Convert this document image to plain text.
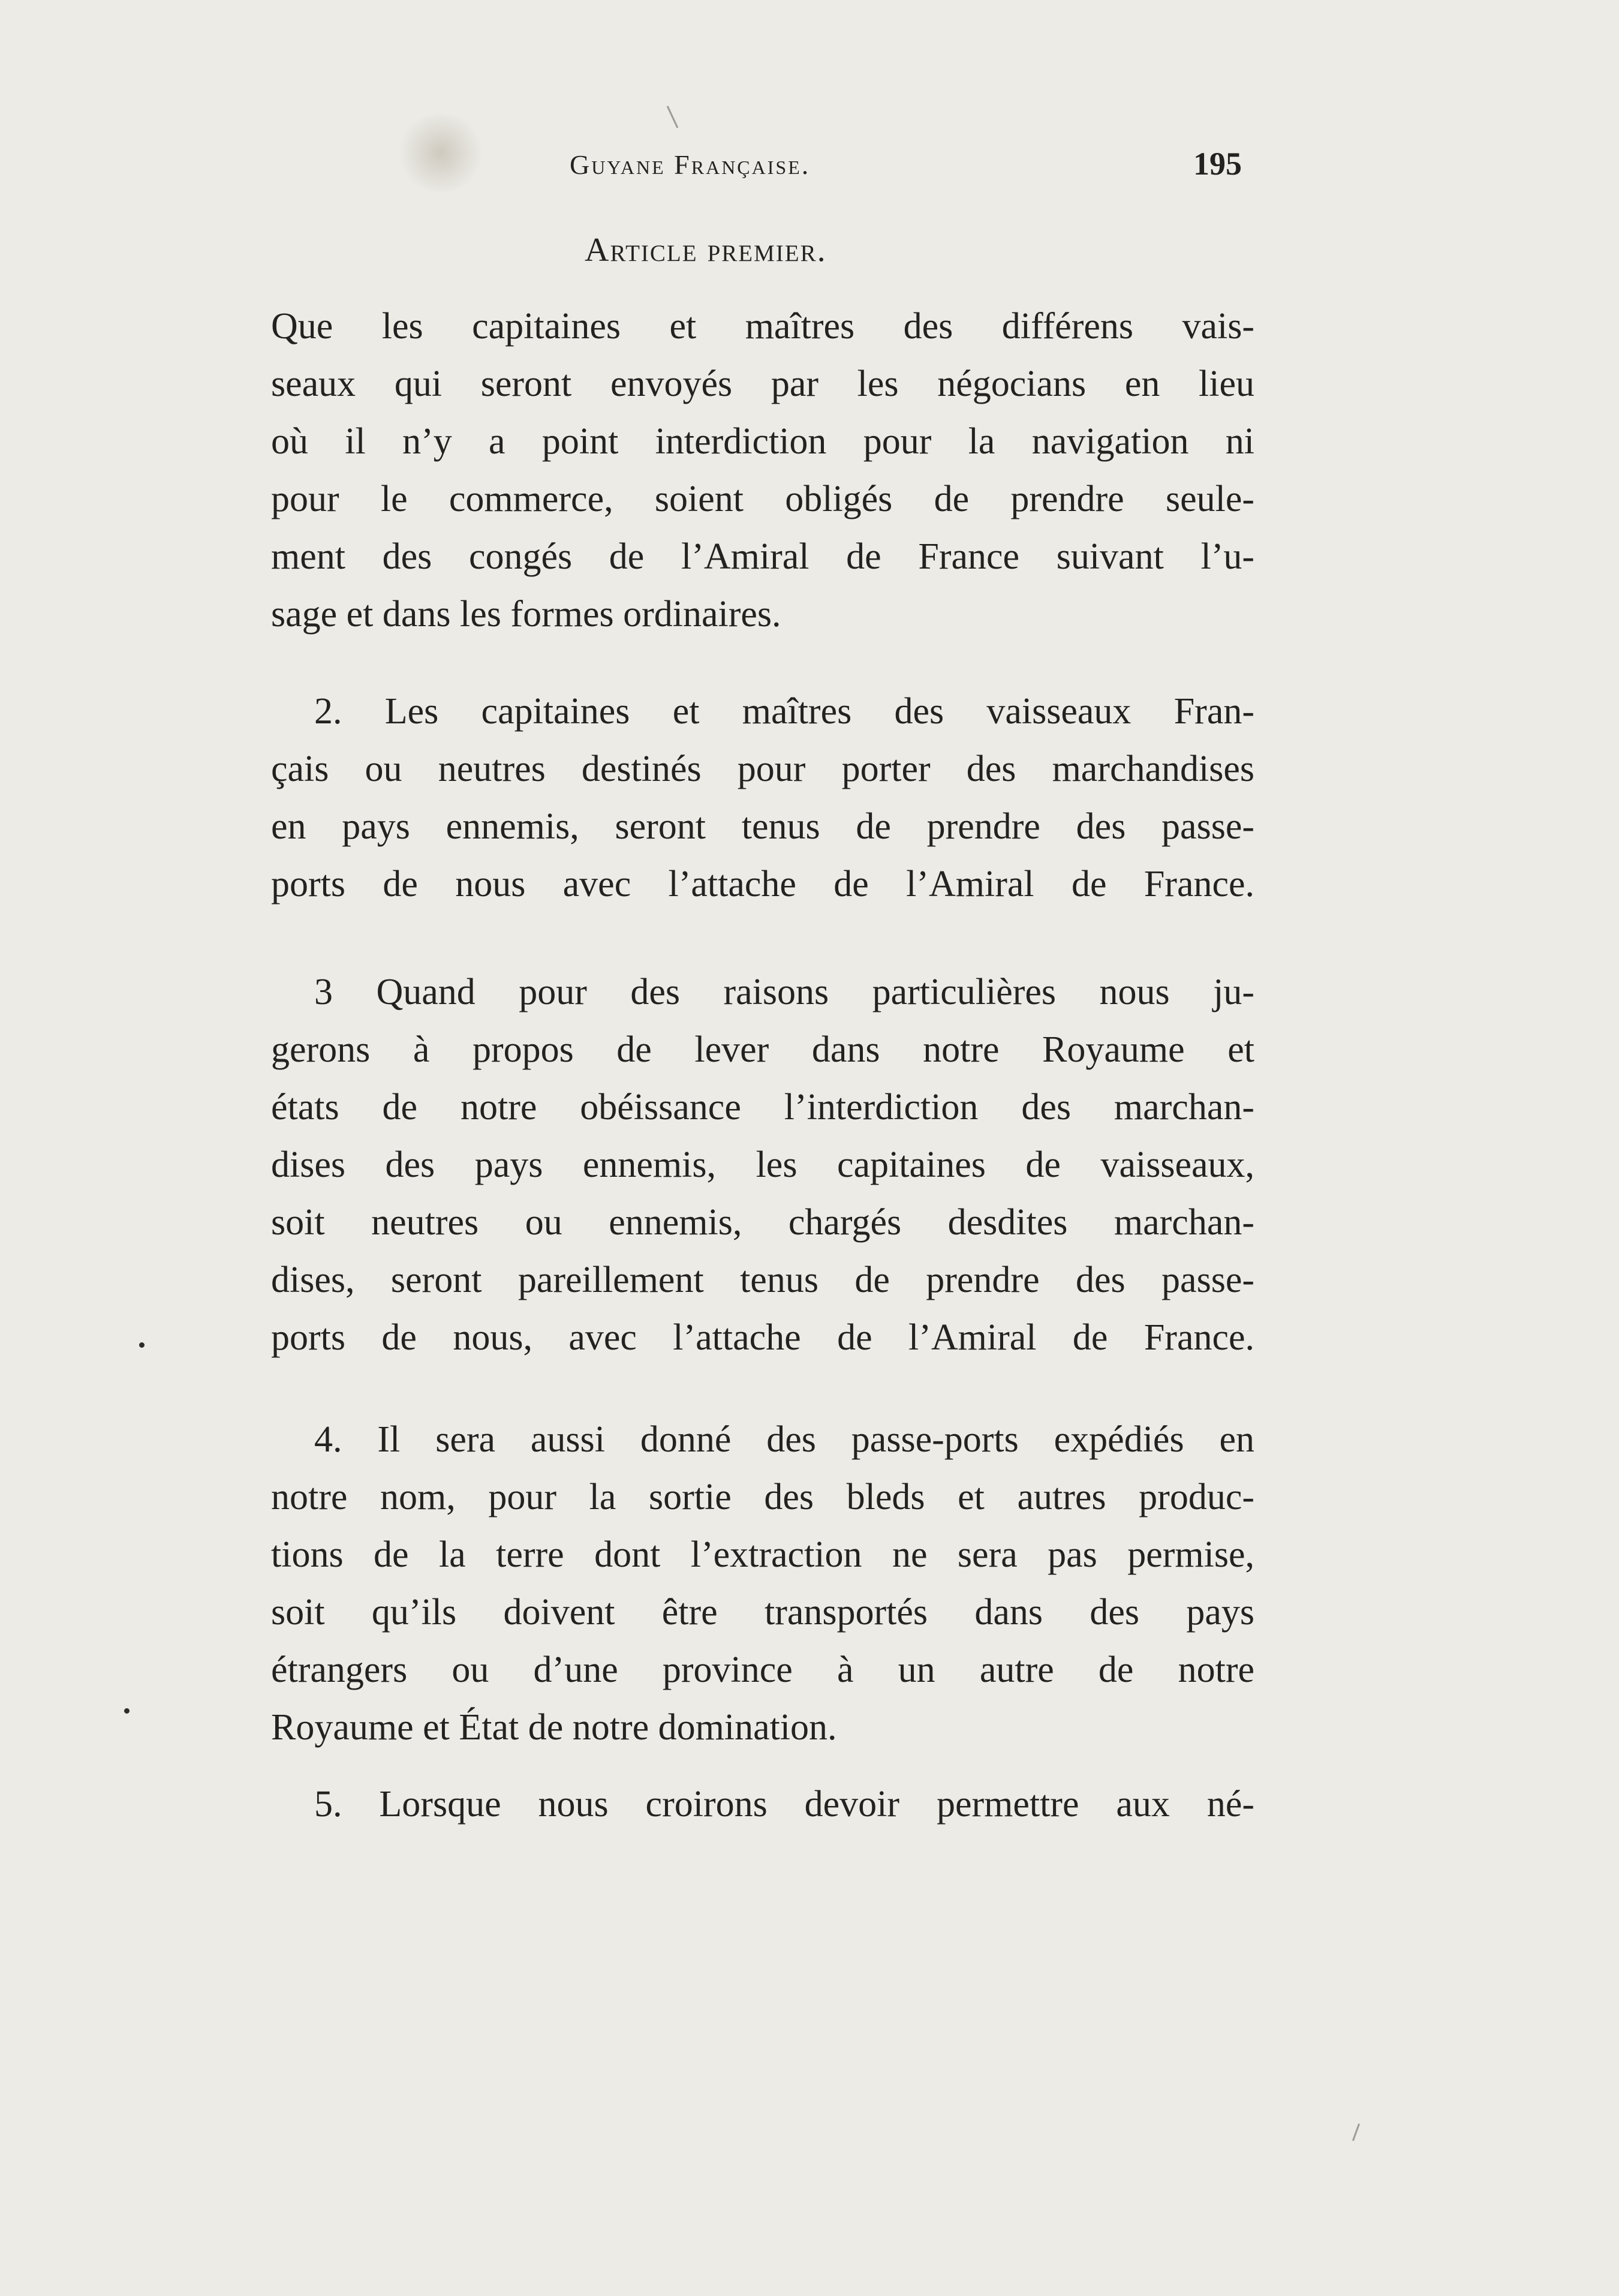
Guyane Française.	195
Article premier.
Que les capitaines et maîtres des différens vais-
seaux qui seront envoyés par les négocians en lieu
où il n’y a point interdiction pour la navigation ni
pour le commerce, soient obligés de prendre seule-
ment des congés de l’Amiral de France suivant l’u-
sage et dans les formes ordinaires.
2. Les capitaines et maîtres des vaisseaux Fran-
çais ou neutres destinés pour porter des marchandises
en pays ennemis, seront tenus de prendre des passe-
ports de nous avec l’attache de l’Amiral de France.
3 Quand pour des raisons particulières nous ju-
gerons à propos de lever dans notre Royaume et
états de notre obéissance l’interdiction des marchan-
dises des pays ennemis, les capitaines de vaisseaux,
soit neutres ou ennemis, chargés desdites marchan-
dises, seront pareillement tenus de prendre des passe-
ports de nous, avec l’attache de l’Amiral de France.
4. Il sera aussi donné des passe-ports expédiés en
notre nom, pour la sortie des bleds et autres produc-
tions de la terre dont l’extraction ne sera pas permise,
soit qu’ils doivent être transportés dans des pays
étrangers ou d’une province à un autre de notre
Royaume et État de notre domination.
5. Lorsque nous croirons devoir permettre aux né-
